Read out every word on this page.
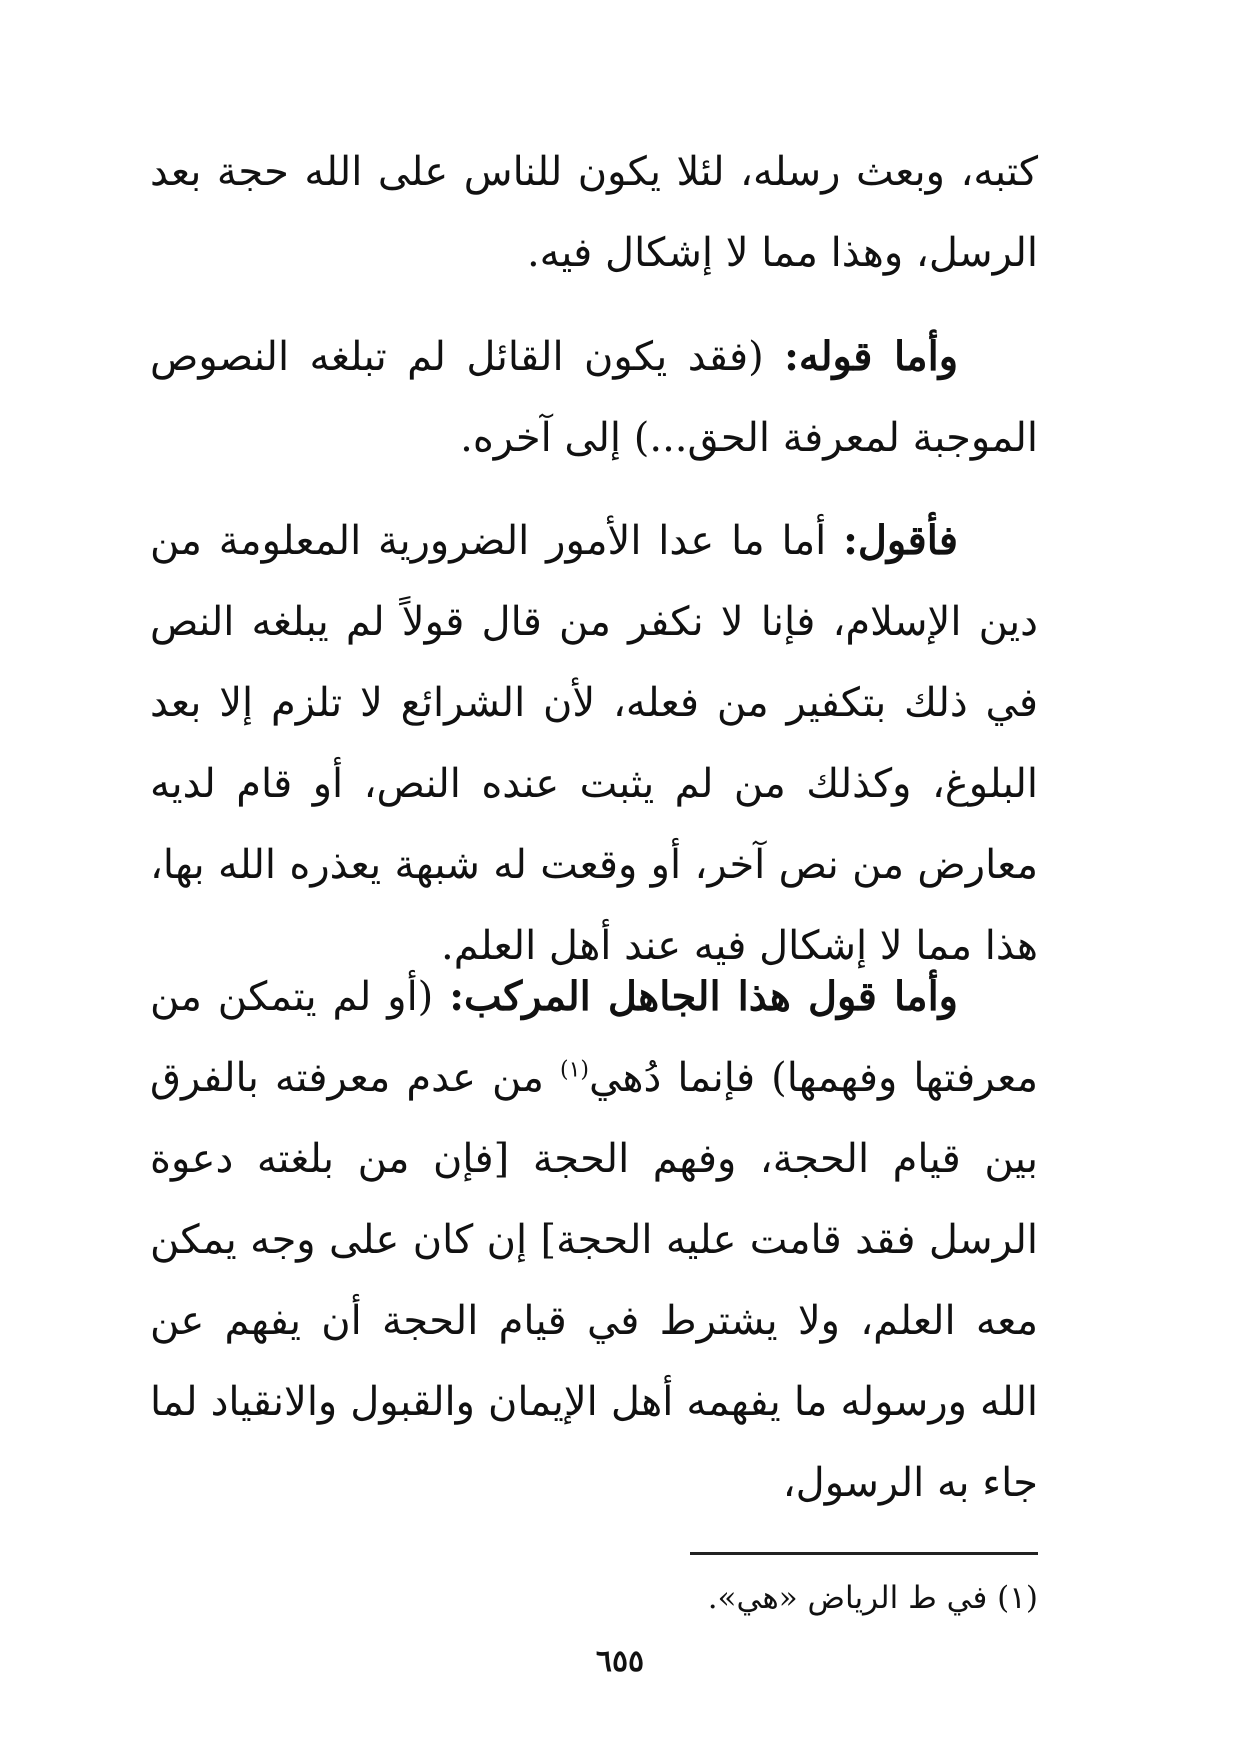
كتبه، وبعث رسله، لئلا يكون للناس على الله حجة بعد الرسل، وهذا مما لا إشكال فيه.

وأما قوله: (فقد يكون القائل لم تبلغه النصوص الموجبة لمعرفة الحق...) إلى آخره.

فأقول: أما ما عدا الأمور الضرورية المعلومة من دين الإسلام، فإنا لا نكفر من قال قولاً لم يبلغه النص في ذلك بتكفير من فعله، لأن الشرائع لا تلزم إلا بعد البلوغ، وكذلك من لم يثبت عنده النص، أو قام لديه معارض من نص آخر، أو وقعت له شبهة يعذره الله بها، هذا مما لا إشكال فيه عند أهل العلم.

وأما قول هذا الجاهل المركب: (أو لم يتمكن من معرفتها وفهمها) فإنما دُهي$^{(١)}$ من عدم معرفته بالفرق بين قيام الحجة، وفهم الحجة [فإن من بلغته دعوة الرسل فقد قامت عليه الحجة] إن كان على وجه يمكن معه العلم، ولا يشترط في قيام الحجة أن يفهم عن الله ورسوله ما يفهمه أهل الإيمان والقبول والانقياد لما جاء به الرسول،

(١) في ط الرياض «هي».
٦٥٥
